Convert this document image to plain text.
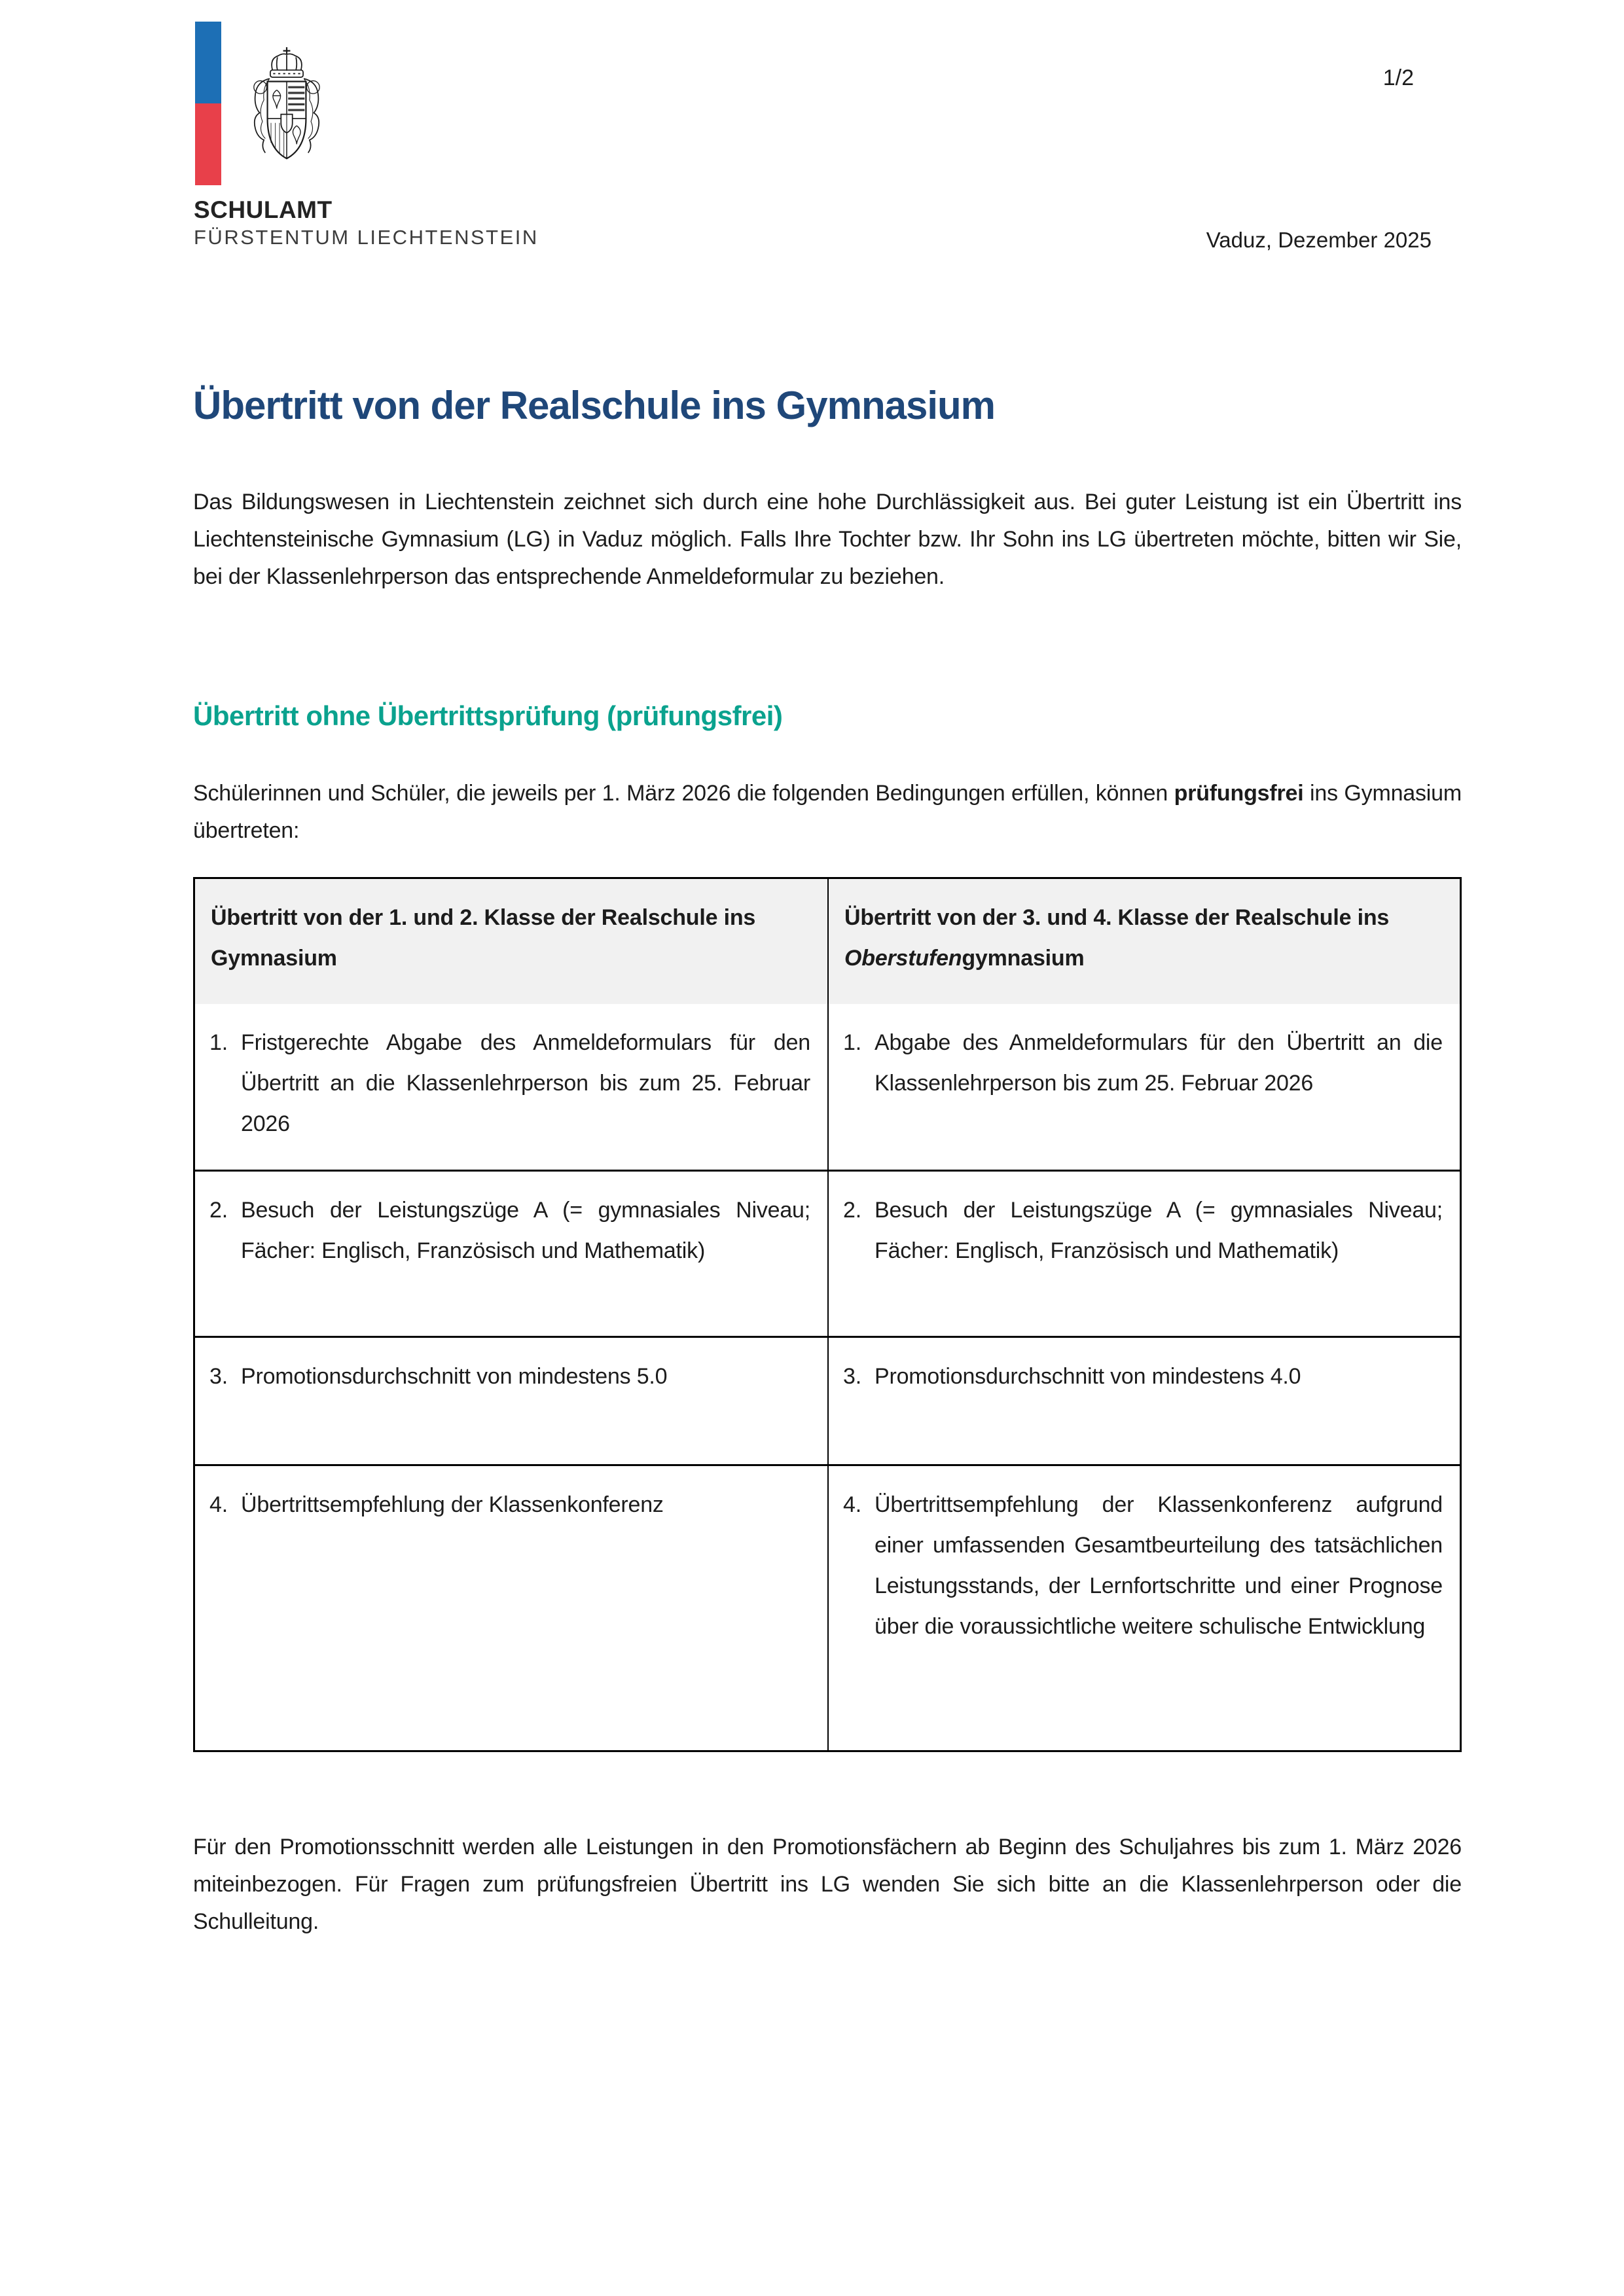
SCHULAMT
FÜRSTENTUM LIECHTENSTEIN
1/2
Vaduz, Dezember 2025
Übertritt von der Realschule ins Gymnasium

Das Bildungswesen in Liechtenstein zeichnet sich durch eine hohe Durchlässigkeit aus. Bei guter Leistung ist ein Übertritt ins Liechtensteinische Gymnasium (LG) in Vaduz möglich. Falls Ihre Tochter bzw. Ihr Sohn ins LG übertreten möchte, bitten wir Sie, bei der Klassenlehrperson das entsprechende Anmeldeformular zu beziehen.

Übertritt ohne Übertrittsprüfung (prüfungsfrei)

Schülerinnen und Schüler, die jeweils per 1. März 2026 die folgenden Bedingungen erfüllen, können prüfungsfrei ins Gymnasium übertreten:

Übertritt von der 1. und 2. Klasse der Realschule ins Gymnasium
Übertritt von der 3. und 4. Klasse der Realschule ins Oberstufengymnasium
1. Fristgerechte Abgabe des Anmeldeformulars für den Übertritt an die Klassenlehrperson bis zum 25. Februar 2026
1. Abgabe des Anmeldeformulars für den Übertritt an die Klassenlehrperson bis zum 25. Februar 2026
2. Besuch der Leistungszüge A (= gymnasiales Niveau; Fächer: Englisch, Französisch und Mathematik)
2. Besuch der Leistungszüge A (= gymnasiales Niveau; Fächer: Englisch, Französisch und Mathematik)
3. Promotionsdurchschnitt von mindestens 5.0	3. Promotionsdurchschnitt von mindestens 4.0
4. Übertrittsempfehlung der Klassenkonferenz	4. Übertrittsempfehlung der Klassenkonferenz aufgrund einer umfassenden Gesamtbeurteilung des tatsächlichen Leistungsstands, der Lernfortschritte und einer Prognose über die voraussichtliche weitere schulische Entwicklung

Für den Promotionsschnitt werden alle Leistungen in den Promotionsfächern ab Beginn des Schuljahres bis zum 1. März 2026 miteinbezogen. Für Fragen zum prüfungsfreien Übertritt ins LG wenden Sie sich bitte an die Klassenlehrperson oder die Schulleitung.
